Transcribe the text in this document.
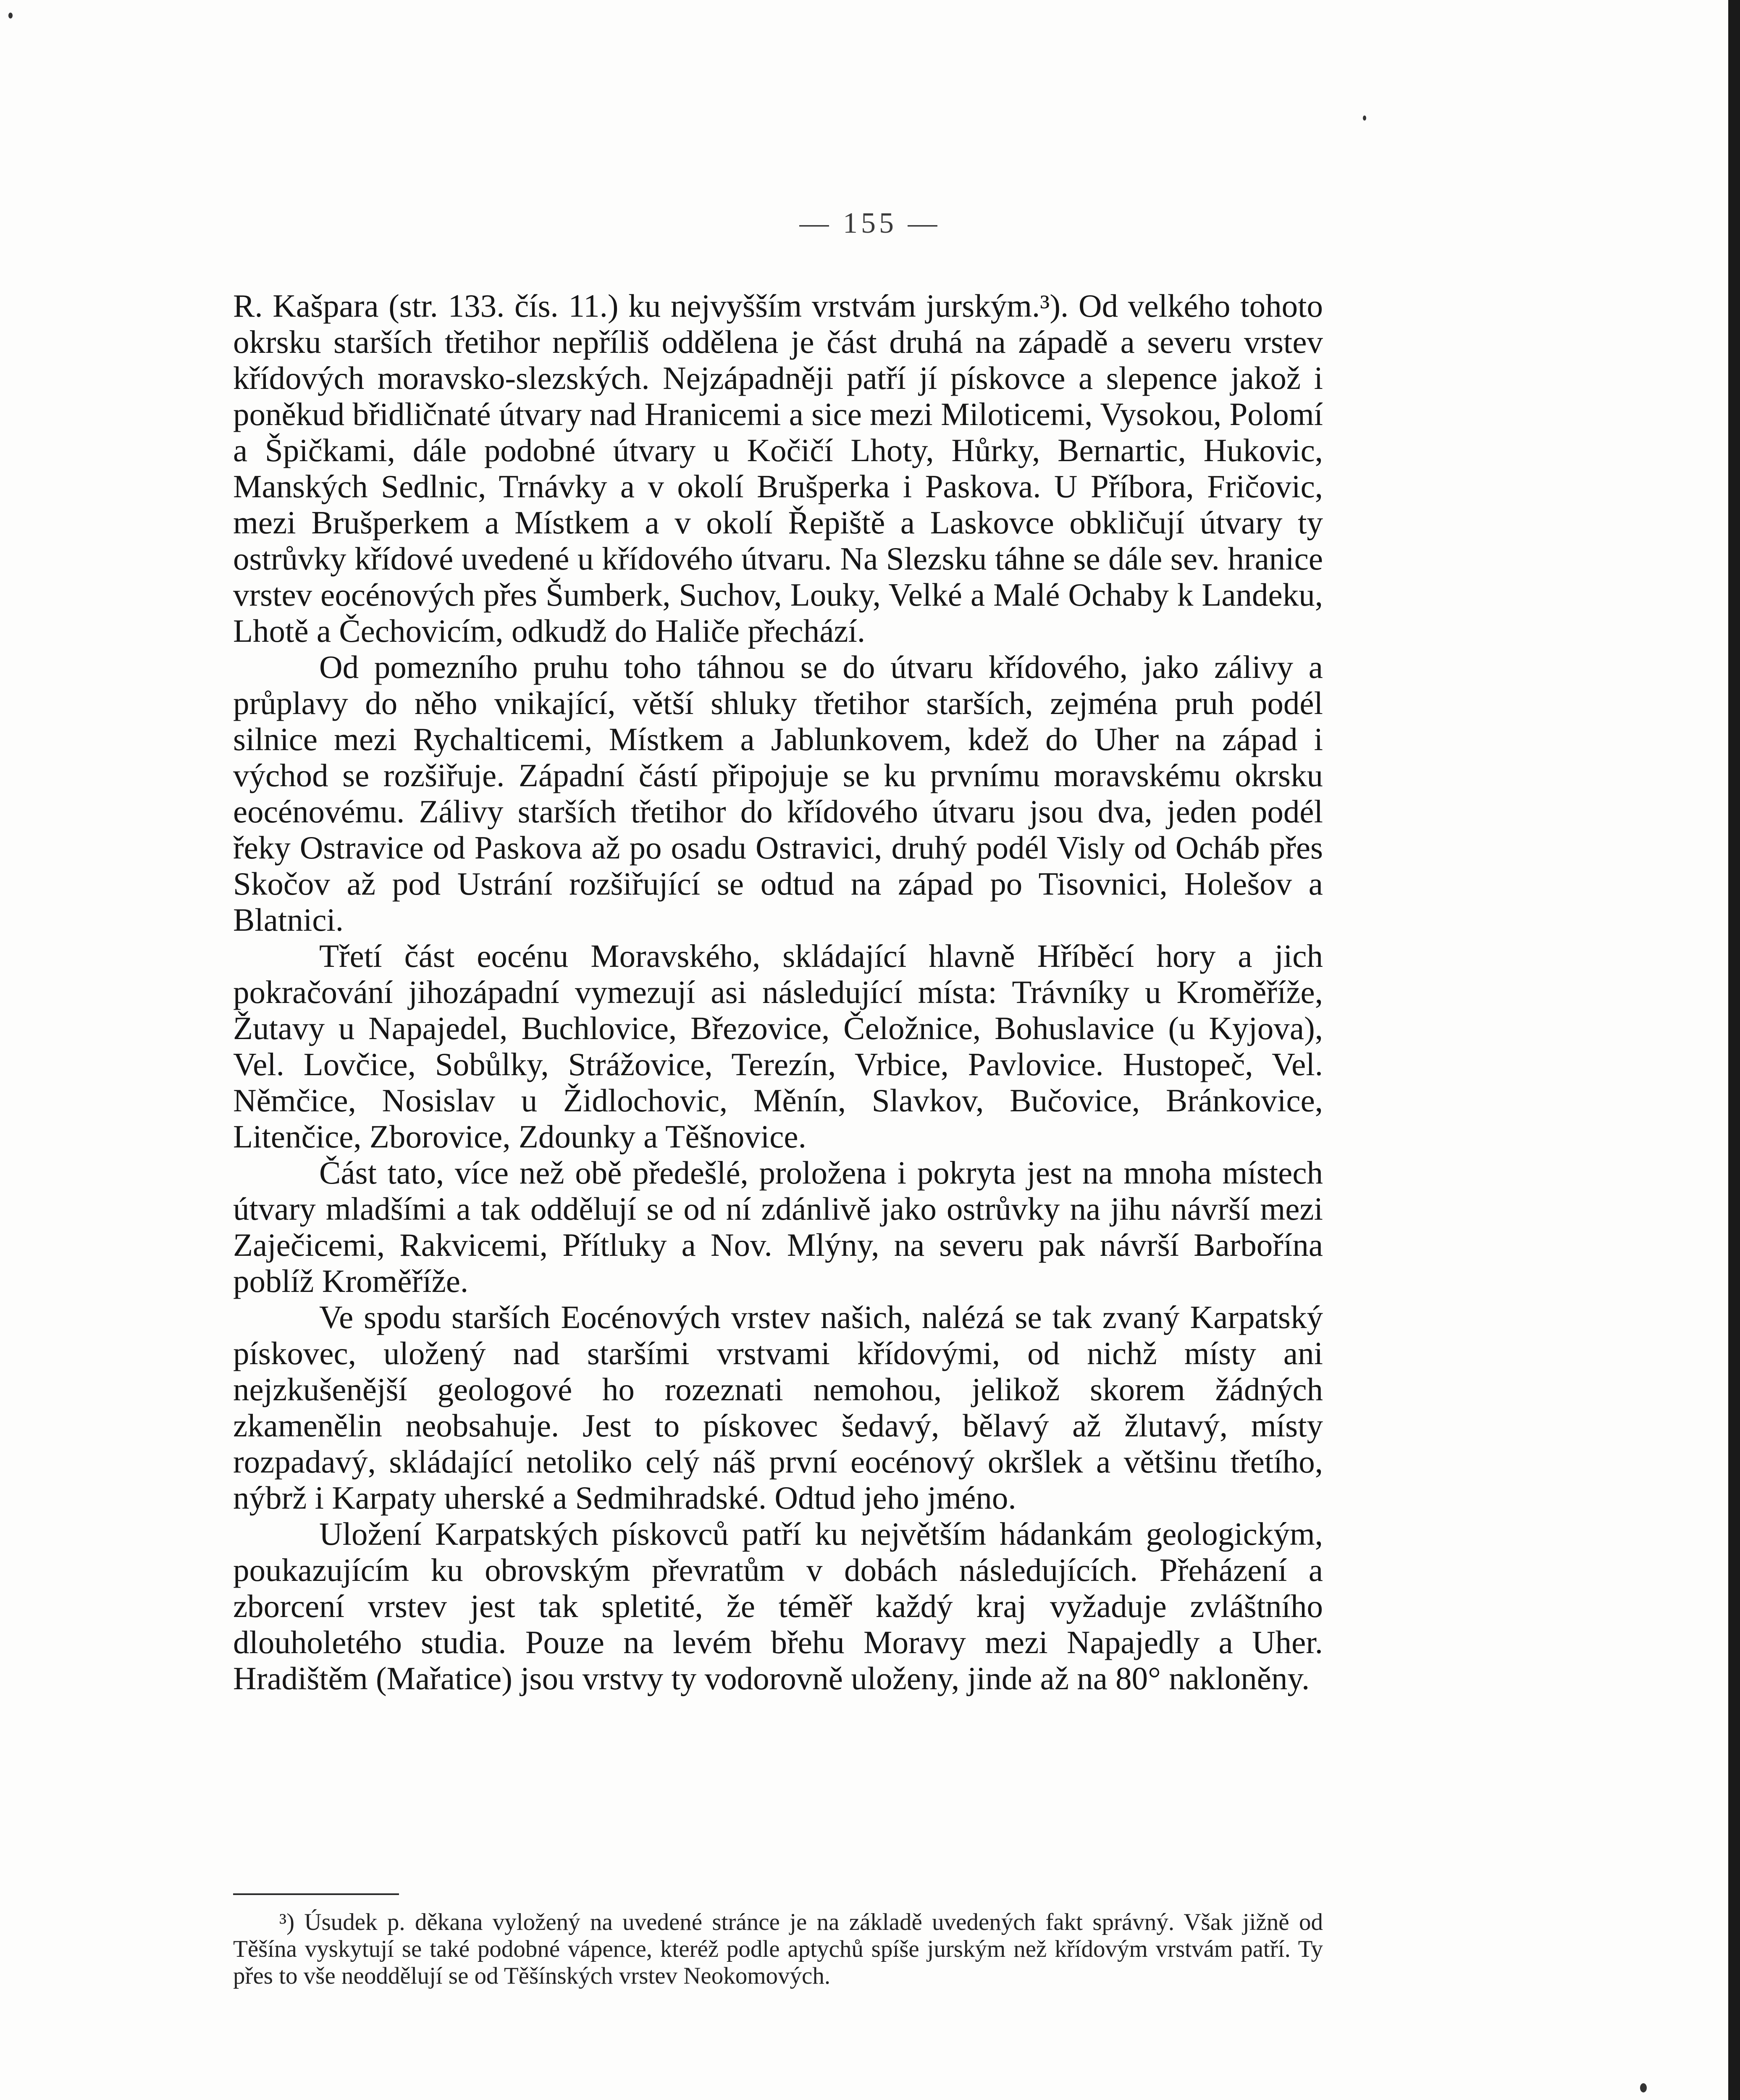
— 155 —

R. Kašpara (str. 133. čís. 11.) ku nejvyšším vrstvám jurským.³). Od velkého tohoto okrsku starších třetihor nepříliš oddělena je část druhá na západě a severu vrstev křídových moravsko-slezských. Nejzápadněji patří jí pískovce a slepence jakož i poněkud břidličnaté útvary nad Hranicemi a sice mezi Miloticemi, Vysokou, Polomí a Špičkami, dále podobné útvary u Kočičí Lhoty, Hůrky, Bernartic, Hukovic, Manských Sedlnic, Trnávky a v okolí Brušperka i Paskova. U Příbora, Fričovic, mezi Brušperkem a Místkem a v okolí Řepiště a Laskovce obkličují útvary ty ostrůvky křídové uvedené u křídového útvaru. Na Slezsku táhne se dále sev. hranice vrstev eocénových přes Šumberk, Suchov, Louky, Velké a Malé Ochaby k Landeku, Lhotě a Čechovicím, odkudž do Haliče přechází.

Od pomezního pruhu toho táhnou se do útvaru křídového, jako zálivy a průplavy do něho vnikající, větší shluky třetihor starších, zejména pruh podél silnice mezi Rychalticemi, Místkem a Jablunkovem, kdež do Uher na západ i východ se rozšiřuje. Západní částí připojuje se ku prvnímu moravskému okrsku eocénovému. Zálivy starších třetihor do křídového útvaru jsou dva, jeden podél řeky Ostravice od Paskova až po osadu Ostravici, druhý podél Visly od Ocháb přes Skočov až pod Ustrání rozšiřující se odtud na západ po Tisovnici, Holešov a Blatnici.

Třetí část eocénu Moravského, skládající hlavně Hříběcí hory a jich pokračování jihozápadní vymezují asi následující místa: Trávníky u Kroměříže, Žutavy u Napajedel, Buchlovice, Březovice, Čeložnice, Bohuslavice (u Kyjova), Vel. Lovčice, Sobůlky, Strážovice, Terezín, Vrbice, Pavlovice. Hustopeč, Vel. Němčice, Nosislav u Židlochovic, Měnín, Slavkov, Bučovice, Bránkovice, Litenčice, Zborovice, Zdounky a Těšnovice.

Část tato, více než obě předešlé, proložena i pokryta jest na mnoha místech útvary mladšími a tak oddělují se od ní zdánlivě jako ostrůvky na jihu návrší mezi Zaječicemi, Rakvicemi, Přítluky a Nov. Mlýny, na severu pak návrší Barbořína poblíž Kroměříže.

Ve spodu starších Eocénových vrstev našich, nalézá se tak zvaný Karpatský pískovec, uložený nad staršími vrstvami křídovými, od nichž místy ani nejzkušenější geologové ho rozeznati nemohou, jelikož skorem žádných zkamenělin neobsahuje. Jest to pískovec šedavý, bělavý až žlutavý, místy rozpadavý, skládající netoliko celý náš první eocénový okršlek a většinu třetího, nýbrž i Karpaty uherské a Sedmihradské. Odtud jeho jméno.

Uložení Karpatských pískovců patří ku největším hádankám geologickým, poukazujícím ku obrovským převratům v dobách následujících. Přeházení a zborcení vrstev jest tak spletité, že téměř každý kraj vyžaduje zvláštního dlouholetého studia. Pouze na levém břehu Moravy mezi Napajedly a Uher. Hradištěm (Mařatice) jsou vrstvy ty vodorovně uloženy, jinde až na 80° nakloněny.

³) Úsudek p. děkana vyložený na uvedené stránce je na základě uvedených fakt správný. Však jižně od Těšína vyskytují se také podobné vápence, kteréž podle aptychů spíše jurským než křídovým vrstvám patří. Ty přes to vše neoddělují se od Těšínských vrstev Neokomových.
